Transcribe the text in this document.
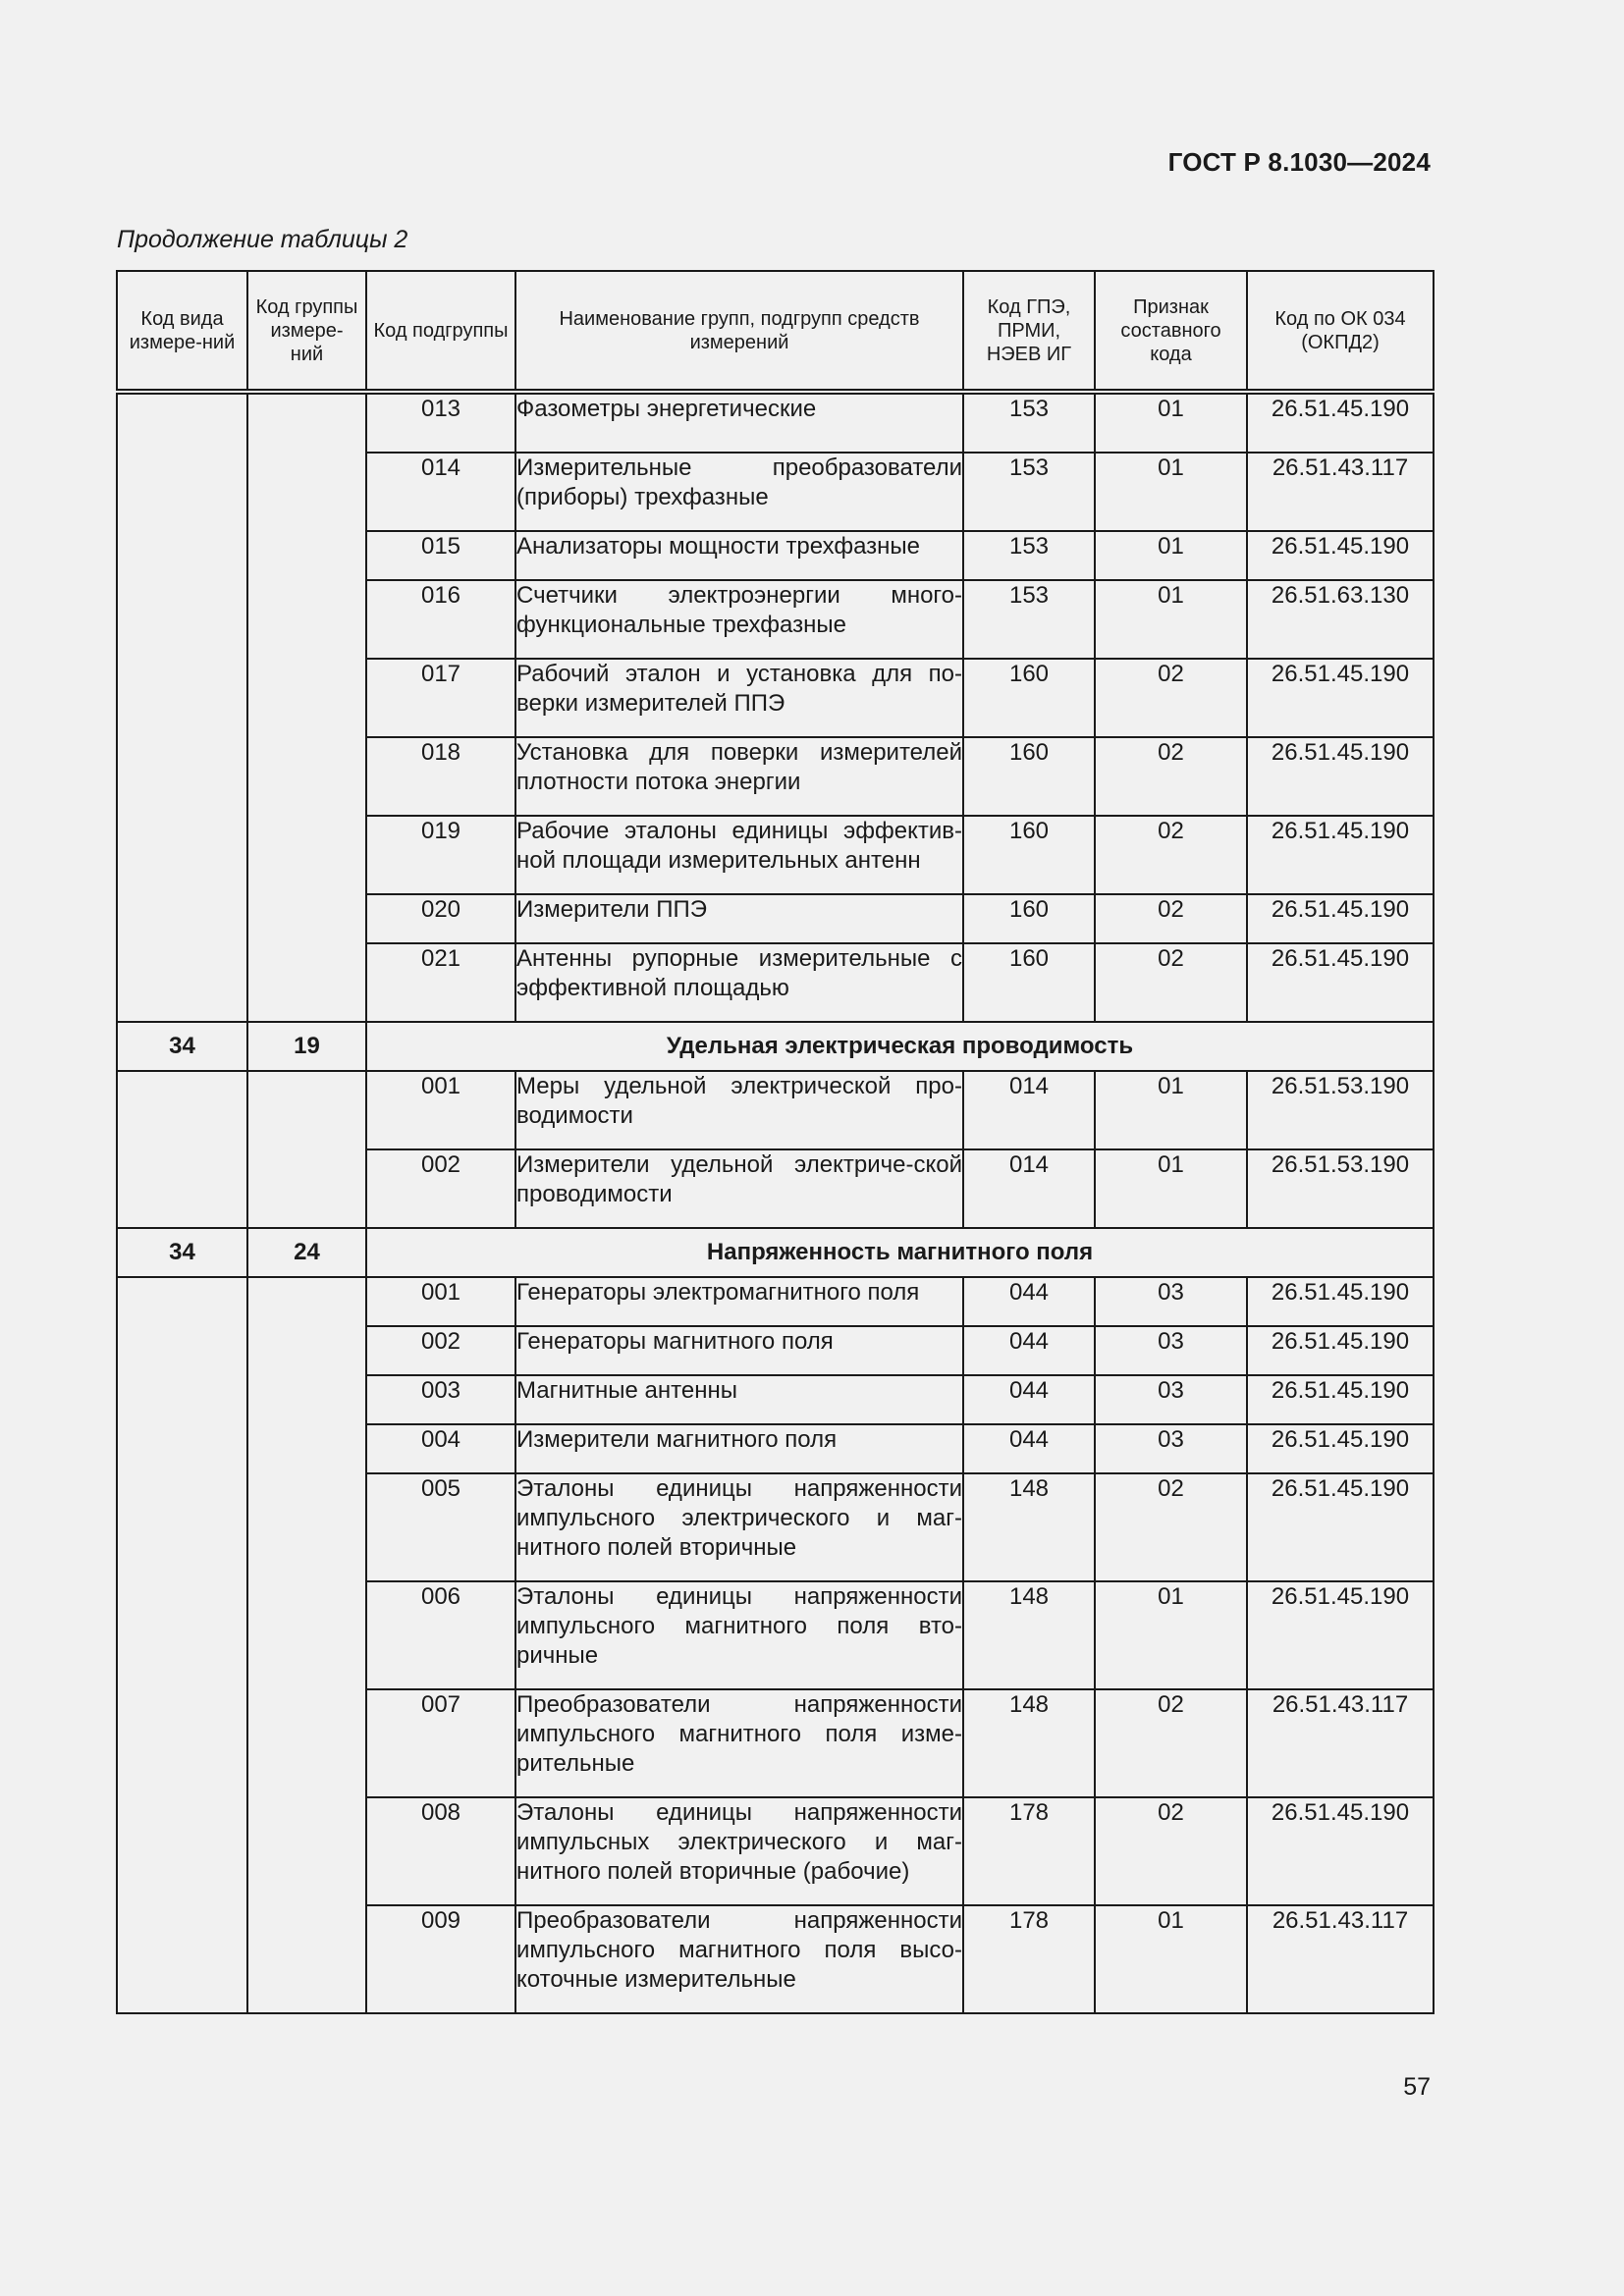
ГОСТ Р 8.1030—2024
Продолжение таблицы 2
Код вида измере-ний	Код группы измере-ний	Код подгруппы	Наименование групп, подгрупп средств измерений	Код ГПЭ, ПРМИ, НЭЕВ ИГ	Признак составного кода	Код по ОК 034 (ОКПД2)
		013	Фазометры энергетические	153	01	26.51.45.190
		014	Измерительные преобразователи (приборы) трехфазные	153	01	26.51.43.117
		015	Анализаторы мощности трехфазные	153	01	26.51.45.190
		016	Счетчики электроэнергии много-функциональные трехфазные	153	01	26.51.63.130
		017	Рабочий эталон и установка для по-верки измерителей ППЭ	160	02	26.51.45.190
		018	Установка для поверки измерителей плотности потока энергии	160	02	26.51.45.190
		019	Рабочие эталоны единицы эффектив-ной площади измерительных антенн	160	02	26.51.45.190
		020	Измерители ППЭ	160	02	26.51.45.190
		021	Антенны рупорные измерительные с эффективной площадью	160	02	26.51.45.190
34	19	Удельная электрическая проводимость				
		001	Меры удельной электрической про-водимости	014	01	26.51.53.190
		002	Измерители удельной электриче-ской проводимости	014	01	26.51.53.190
34	24	Напряженность магнитного поля				
		001	Генераторы электромагнитного поля	044	03	26.51.45.190
		002	Генераторы магнитного поля	044	03	26.51.45.190
		003	Магнитные антенны	044	03	26.51.45.190
		004	Измерители магнитного поля	044	03	26.51.45.190
		005	Эталоны единицы напряженности импульсного электрического и маг-нитного полей вторичные	148	02	26.51.45.190
		006	Эталоны единицы напряженности импульсного магнитного поля вто-ричные	148	01	26.51.45.190
		007	Преобразователи напряженности импульсного магнитного поля изме-рительные	148	02	26.51.43.117
		008	Эталоны единицы напряженности импульсных электрического и маг-нитного полей вторичные (рабочие)	178	02	26.51.45.190
		009	Преобразователи напряженности импульсного магнитного поля высо-коточные измерительные	178	01	26.51.43.117
57
